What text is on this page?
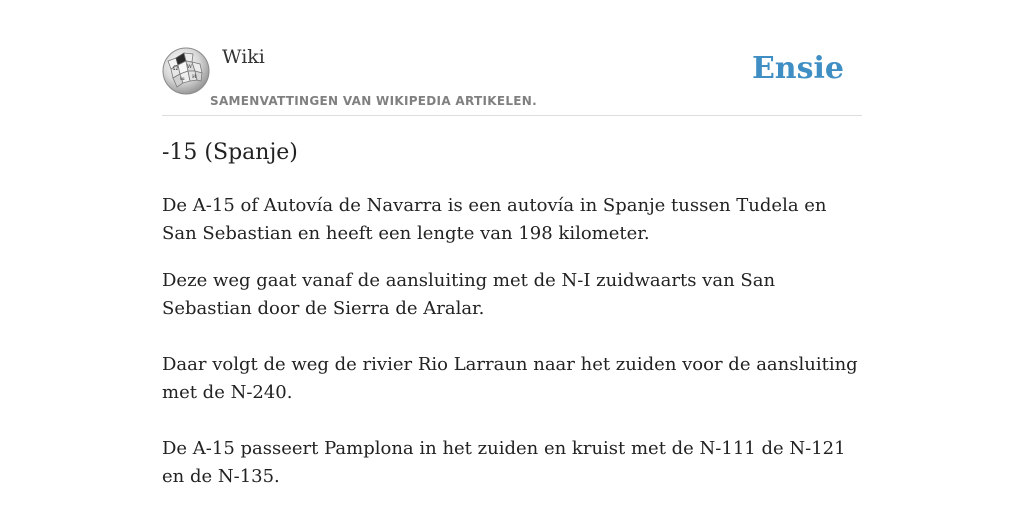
Ω W
ɯ И
Wiki

SAMENVATTINGEN VAN WIKIPEDIA ARTIKELEN.

Ensie
-15 (Spanje)

De A-15 of Autovía de Navarra is een autovía in Spanje tussen Tudela en San Sebastian en heeft een lengte van 198 kilometer.

Deze weg gaat vanaf de aansluiting met de N-I zuidwaarts van San Sebastian door de Sierra de Aralar.

Daar volgt de weg de rivier Rio Larraun naar het zuiden voor de aansluiting met de N-240.

De A-15 passeert Pamplona in het zuiden en kruist met de N-111 de N-121 en de N-135.
